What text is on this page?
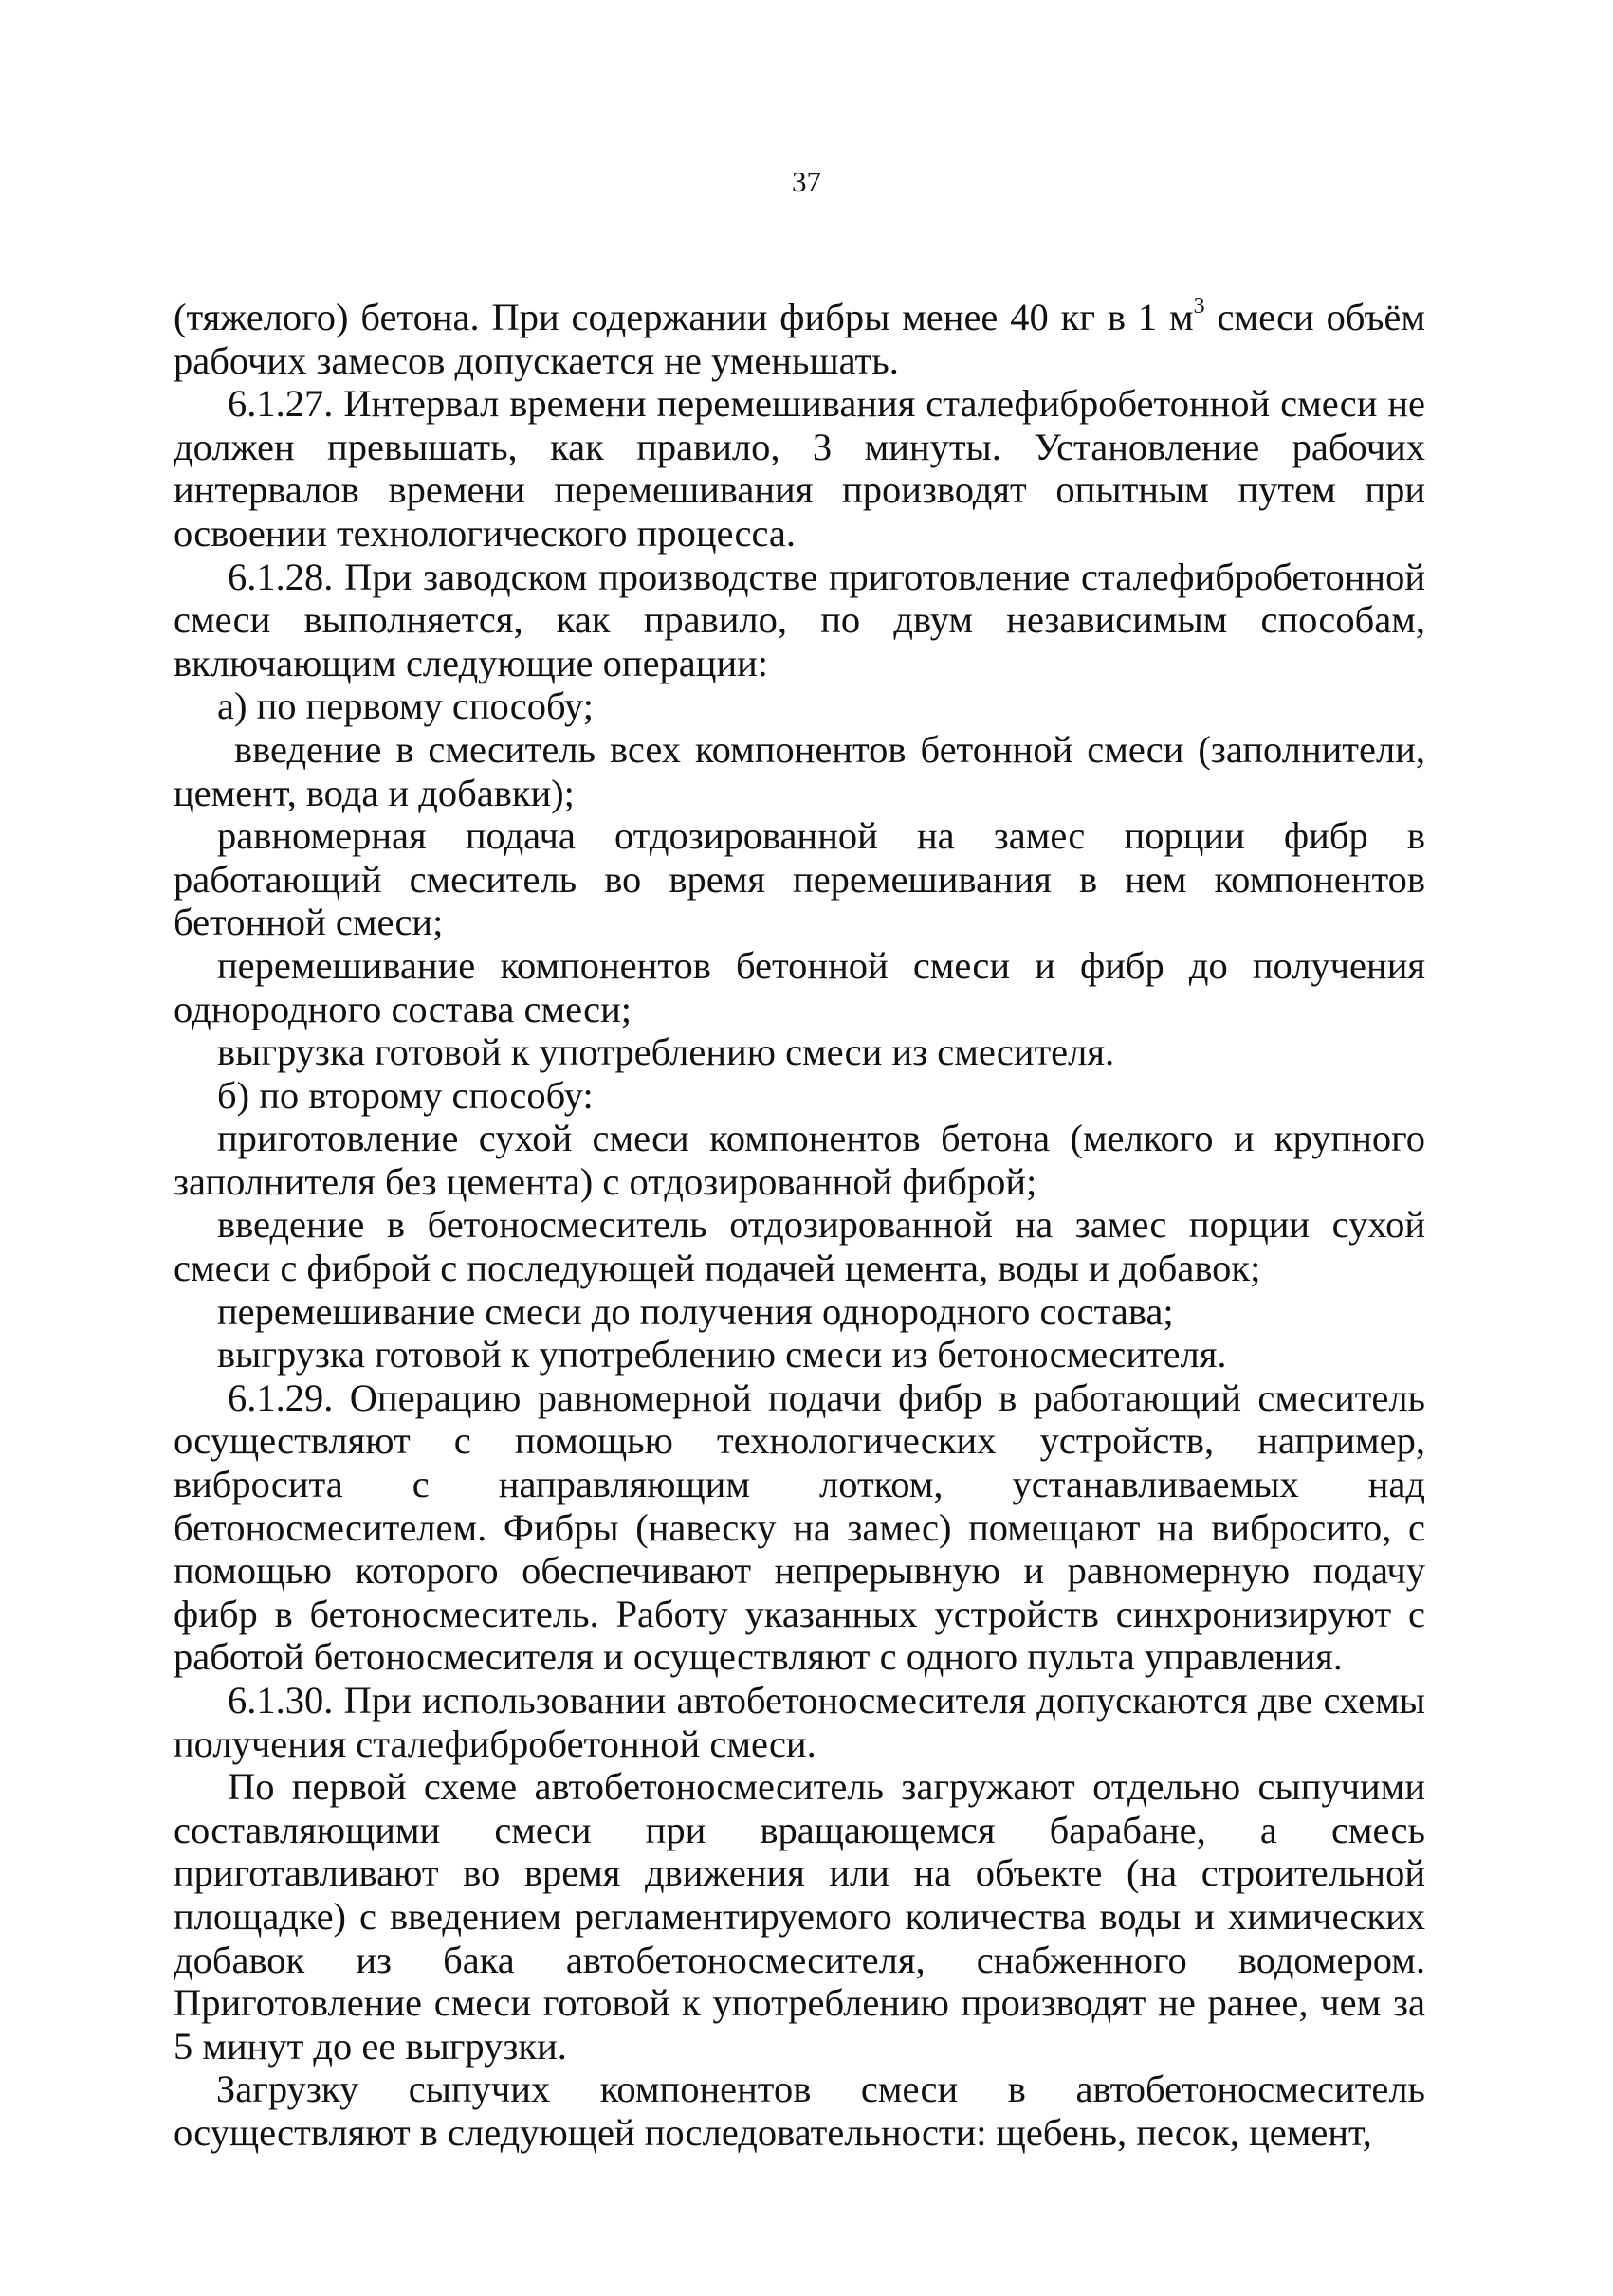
37

(тяжелого) бетона. При содержании фибры менее 40 кг в 1 $м^3$ смеси объём рабочих замесов допускается не уменьшать.

6.1.27. Интервал времени перемешивания сталефибробетонной смеси не должен превышать, как правило, 3 минуты. Установление рабочих интервалов времени перемешивания производят опытным путем при освоении технологического процесса.

6.1.28. При заводском производстве приготовление сталефибробетонной смеси выполняется, как правило, по двум независимым способам, включающим следующие операции:

а) по первому способу;

введение в смеситель всех компонентов бетонной смеси (заполнители, цемент, вода и добавки);

равномерная подача отдозированной на замес порции фибр в работающий смеситель во время перемешивания в нем компонентов бетонной смеси;

перемешивание компонентов бетонной смеси и фибр до получения однородного состава смеси;

выгрузка готовой к употреблению смеси из смесителя.

б) по второму способу:

приготовление сухой смеси компонентов бетона (мелкого и крупного заполнителя без цемента) с отдозированной фиброй;

введение в бетоносмеситель отдозированной на замес порции сухой смеси с фиброй с последующей подачей цемента, воды и добавок;

перемешивание смеси до получения однородного состава;

выгрузка готовой к употреблению смеси из бетоносмесителя.

6.1.29. Операцию равномерной подачи фибр в работающий смеситель осуществляют с помощью технологических устройств, например, вибросита с направляющим лотком, устанавливаемых над бетоносмесителем. Фибры (навеску на замес) помещают на вибросито, с помощью которого обеспечивают непрерывную и равномерную подачу фибр в бетоносмеситель. Работу указанных устройств синхронизируют с работой бетоносмесителя и осуществляют с одного пульта управления.

6.1.30. При использовании автобетоносмесителя допускаются две схемы получения сталефибробетонной смеси.

По первой схеме автобетоносмеситель загружают отдельно сыпучими составляющими смеси при вращающемся барабане, а смесь приготавливают во время движения или на объекте (на строительной площадке) с введением регламентируемого количества воды и химических добавок из бака автобетоносмесителя, снабженного водомером. Приготовление смеси готовой к употреблению производят не ранее, чем за 5 минут до ее выгрузки.

Загрузку сыпучих компонентов смеси в автобетоносмеситель осуществляют в следующей последовательности: щебень, песок, цемент,
